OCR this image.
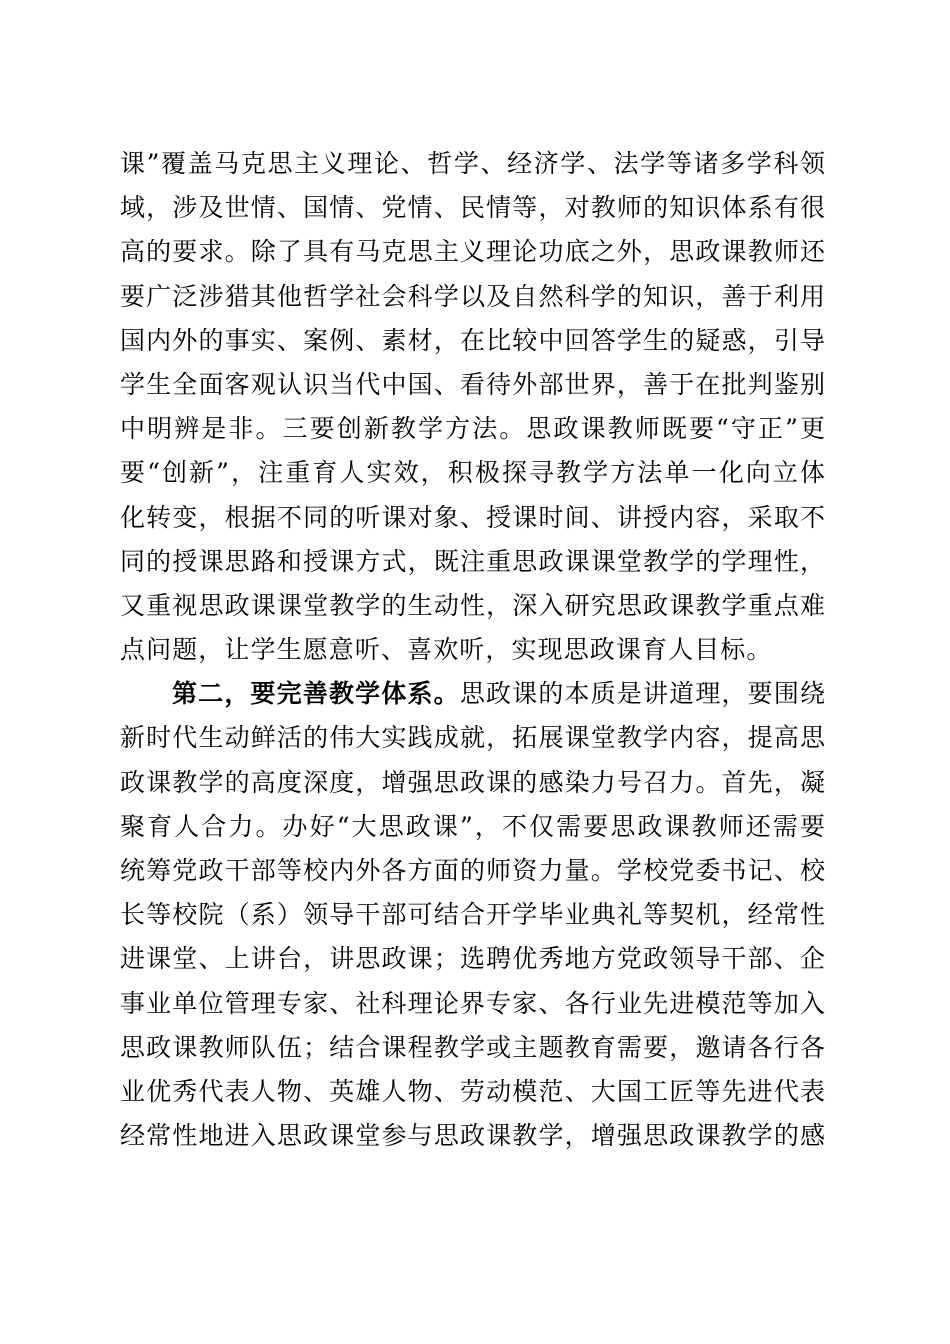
课”覆盖马克思主义理论、哲学、经济学、法学等诸多学科领
域，涉及世情、国情、党情、民情等，对教师的知识体系有很
高的要求。除了具有马克思主义理论功底之外，思政课教师还
要广泛涉猎其他哲学社会科学以及自然科学的知识，善于利用
国内外的事实、案例、素材，在比较中回答学生的疑惑，引导
学生全面客观认识当代中国、看待外部世界，善于在批判鉴别
中明辨是非。三要创新教学方法。思政课教师既要“守正”更
要“创新”，注重育人实效，积极探寻教学方法单一化向立体
化转变，根据不同的听课对象、授课时间、讲授内容，采取不
同的授课思路和授课方式，既注重思政课课堂教学的学理性，
又重视思政课课堂教学的生动性，深入研究思政课教学重点难
点问题，让学生愿意听、喜欢听，实现思政课育人目标。
第二，要完善教学体系。思政课的本质是讲道理，要围绕
新时代生动鲜活的伟大实践成就，拓展课堂教学内容，提高思
政课教学的高度深度，增强思政课的感染力号召力。首先，凝
聚育人合力。办好“大思政课”，不仅需要思政课教师还需要
统筹党政干部等校内外各方面的师资力量。学校党委书记、校
长等校院（系）领导干部可结合开学毕业典礼等契机，经常性
进课堂、上讲台，讲思政课；选聘优秀地方党政领导干部、企
事业单位管理专家、社科理论界专家、各行业先进模范等加入
思政课教师队伍；结合课程教学或主题教育需要，邀请各行各
业优秀代表人物、英雄人物、劳动模范、大国工匠等先进代表
经常性地进入思政课堂参与思政课教学，增强思政课教学的感
